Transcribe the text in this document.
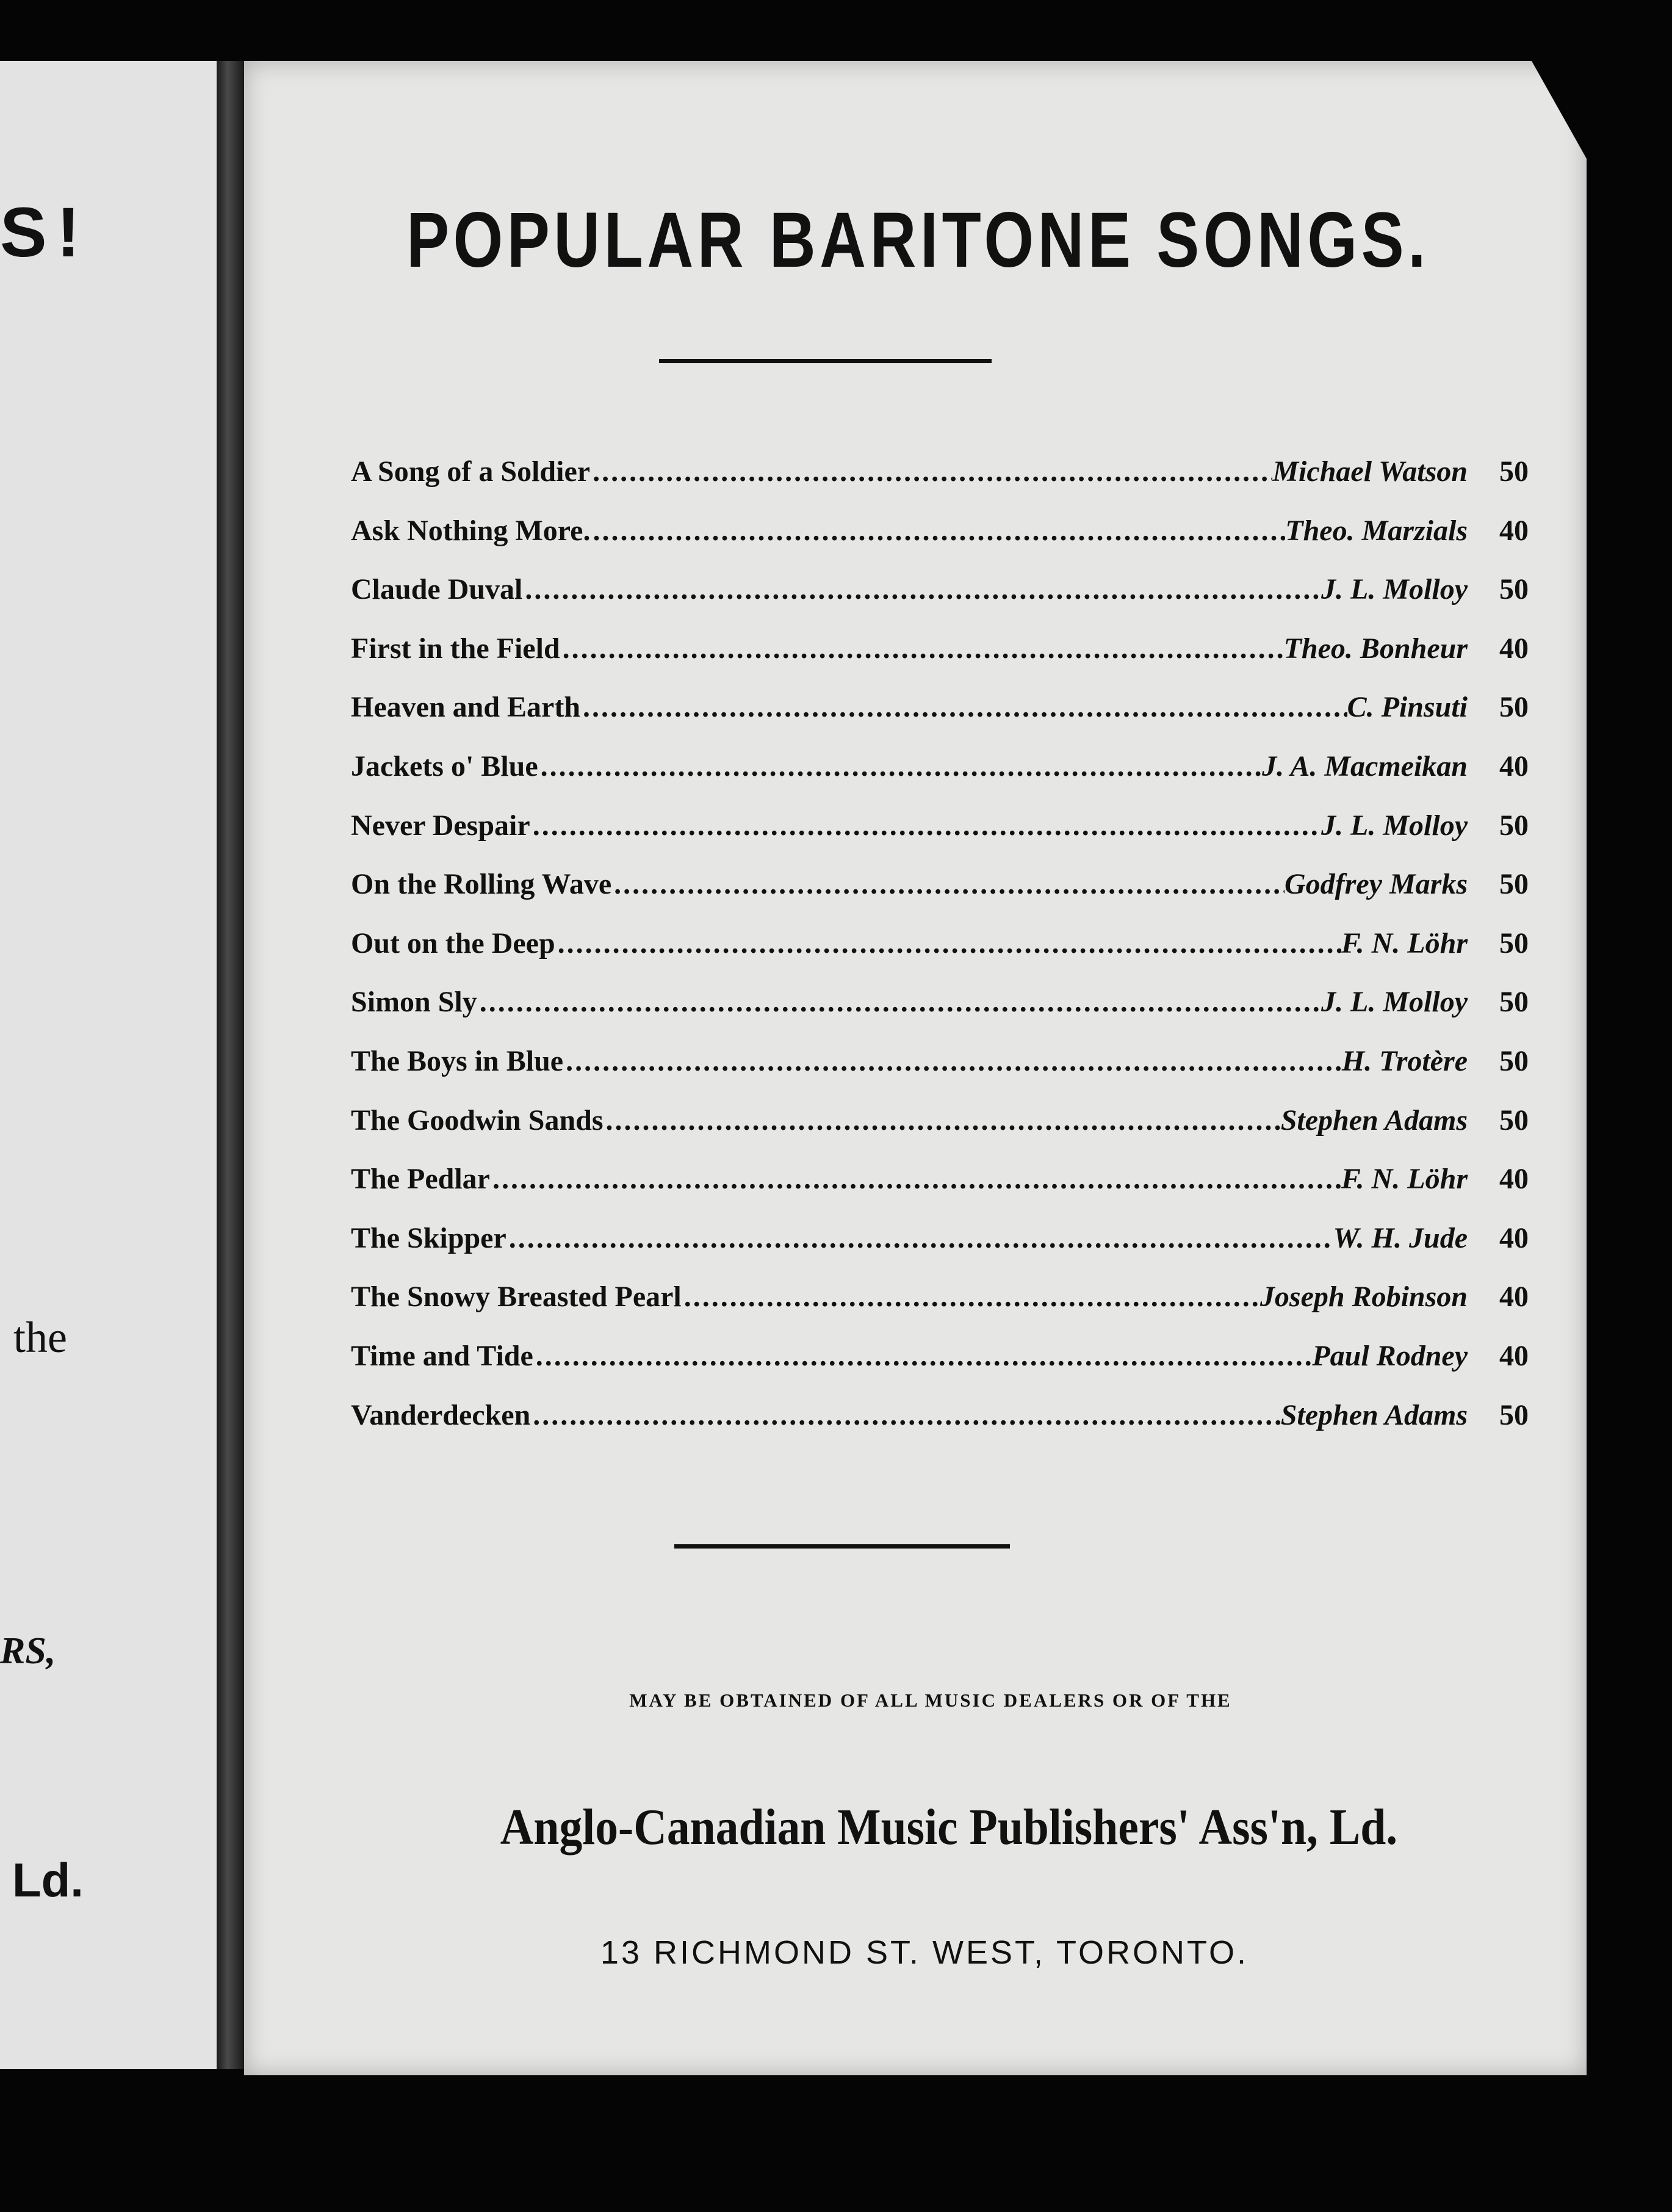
S!
the
RS,
Ld.
POPULAR BARITONE SONGS.
A Song of a Soldier .....	Michael Watson	50
Ask Nothing More. .....	Theo. Marzials	40
Claude Duval .....	J. L. Molloy	50
First in the Field .....	Theo. Bonheur	40
Heaven and Earth .....	C. Pinsuti	50
Jackets o' Blue .....	J. A. Macmeikan	40
Never Despair .....	J. L. Molloy	50
On the Rolling Wave .....	Godfrey Marks	50
Out on the Deep .....	F. N. Löhr	50
Simon Sly .....	J. L. Molloy	50
The Boys in Blue .....	H. Trotère	50
The Goodwin Sands .....	Stephen Adams	50
The Pedlar .....	F. N. Löhr	40
The Skipper .....	W. H. Jude	40
The Snowy Breasted Pearl .....	Joseph Robinson	40
Time and Tide .....	Paul Rodney	40
Vanderdecken .....	Stephen Adams	50
MAY BE OBTAINED OF ALL MUSIC DEALERS OR OF THE
Anglo-Canadian Music Publishers' Ass'n, Ld.
13 RICHMOND ST. WEST, TORONTO.
